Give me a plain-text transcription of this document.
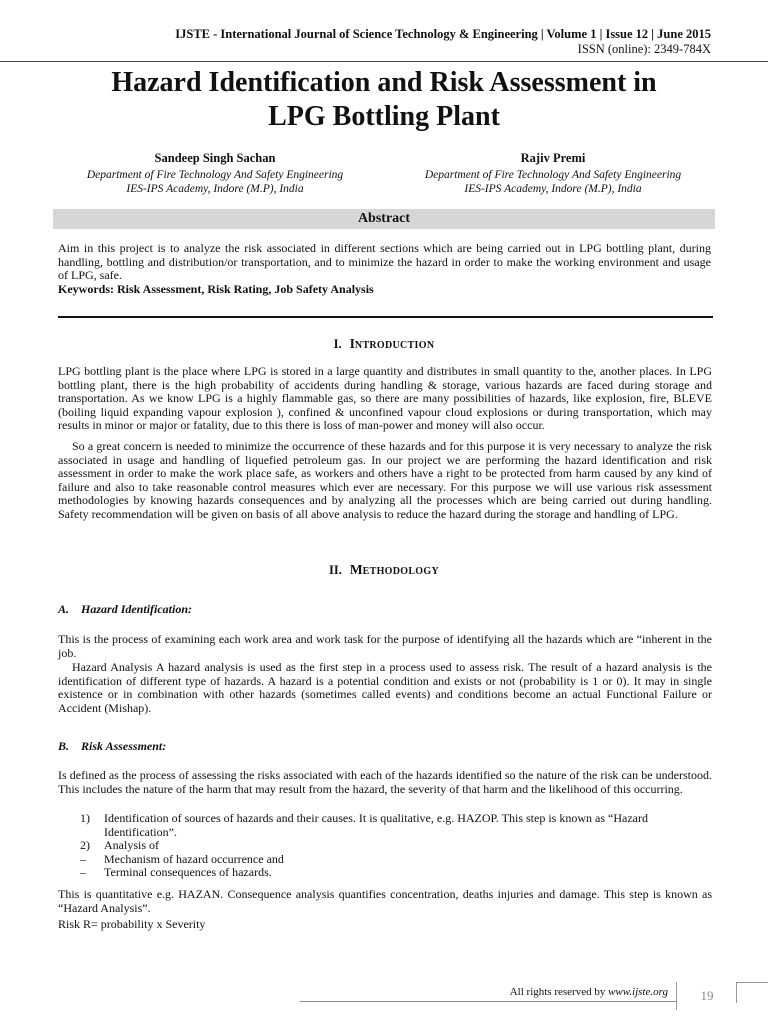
IJSTE - International Journal of Science Technology & Engineering | Volume 1 | Issue 12 | June 2015
ISSN (online): 2349-784X
Hazard Identification and Risk Assessment in
LPG Bottling Plant
Sandeep Singh Sachan
Department of Fire Technology And Safety Engineering
IES-IPS Academy, Indore (M.P), India
Rajiv Premi
Department of Fire Technology And Safety Engineering
IES-IPS Academy, Indore (M.P), India
Abstract
Aim in this project is to analyze the risk associated in different sections which are being carried out in LPG bottling plant, during handling, bottling and distribution/or transportation, and to minimize the hazard in order to make the working environment and usage of LPG, safe.
Keywords: Risk Assessment, Risk Rating, Job Safety Analysis
I. INTRODUCTION
LPG bottling plant is the place where LPG is stored in a large quantity and distributes in small quantity to the, another places. In LPG bottling plant, there is the high probability of accidents during handling & storage, various hazards are faced during storage and transportation. As we know LPG is a highly flammable gas, so there are many possibilities of hazards, like explosion, fire, BLEVE (boiling liquid expanding vapour explosion ), confined & unconfined vapour cloud explosions or during transportation, which may results in minor or major or fatality, due to this there is loss of man-power and money will also occur.
So a great concern is needed to minimize the occurrence of these hazards and for this purpose it is very necessary to analyze the risk associated in usage and handling of liquefied petroleum gas. In our project we are performing the hazard identification and risk assessment in order to make the work place safe, as workers and others have a right to be protected from harm caused by any kind of failure and also to take reasonable control measures which ever are necessary. For this purpose we will use various risk assessment methodologies by knowing hazards consequences and by analyzing all the processes which are being carried out during handling. Safety recommendation will be given on basis of all above analysis to reduce the hazard during the storage and handling of LPG.
II. METHODOLOGY
A. Hazard Identification:
This is the process of examining each work area and work task for the purpose of identifying all the hazards which are “inherent in the job.
Hazard Analysis A hazard analysis is used as the first step in a process used to assess risk. The result of a hazard analysis is the identification of different type of hazards. A hazard is a potential condition and exists or not (probability is 1 or 0). It may in single existence or in combination with other hazards (sometimes called events) and conditions become an actual Functional Failure or Accident (Mishap).
B. Risk Assessment:
Is defined as the process of assessing the risks associated with each of the hazards identified so the nature of the risk can be understood. This includes the nature of the harm that may result from the hazard, the severity of that harm and the likelihood of this occurring.
1)	Identification of sources of hazards and their causes. It is qualitative, e.g. HAZOP. This step is known as “Hazard Identification”.
2)	Analysis of
–	Mechanism of hazard occurrence and
–	Terminal consequences of hazards.
This is quantitative e.g. HAZAN. Consequence analysis quantifies concentration, deaths injuries and damage. This step is known as “Hazard Analysis”.
Risk R= probability x Severity
All rights reserved by www.ijste.org	19
